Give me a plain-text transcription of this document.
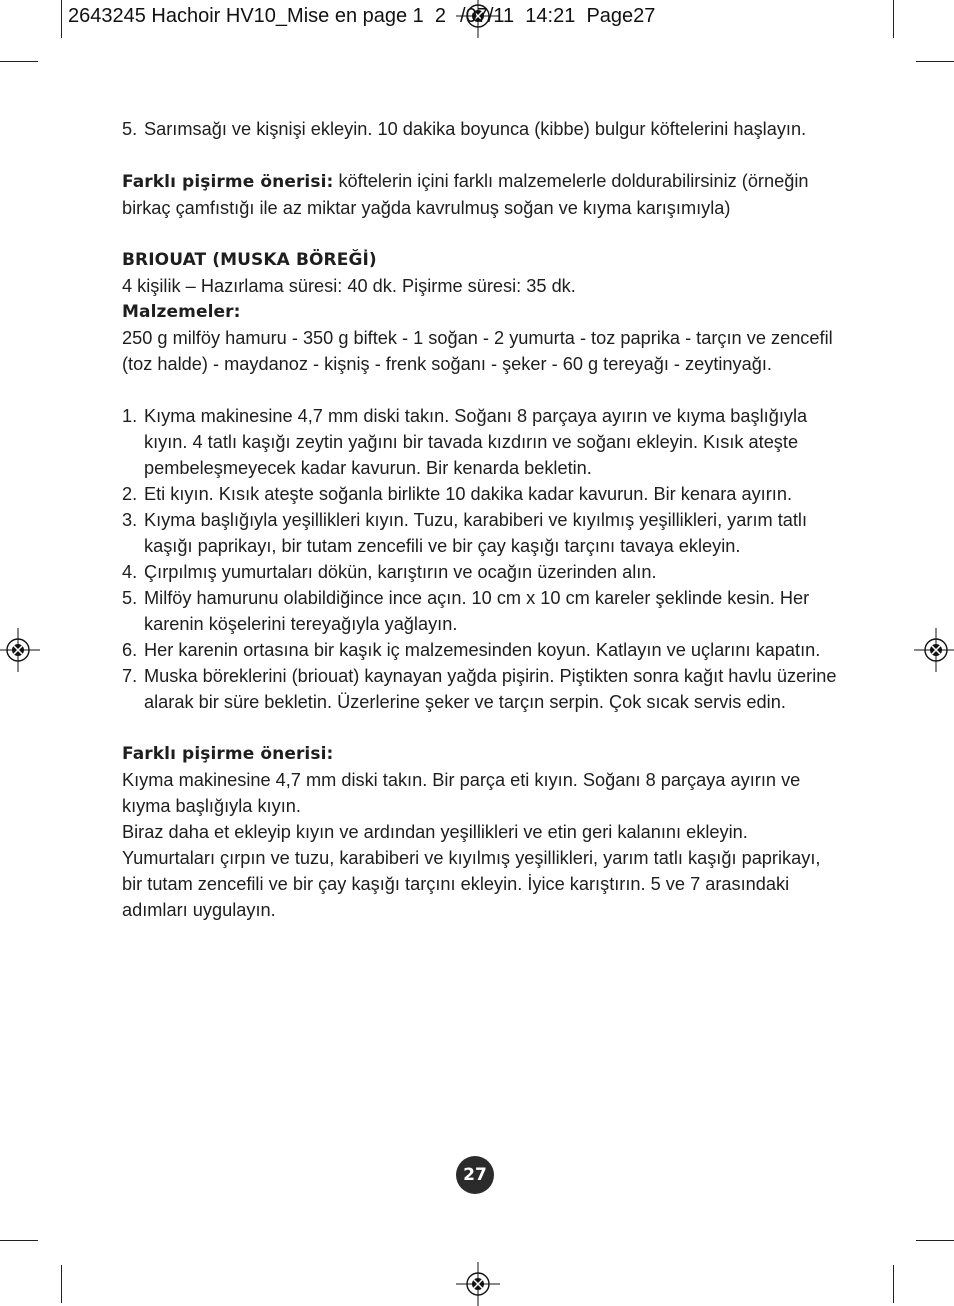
2643245 Hachoir HV10_Mise en page 1  2 /07/11  14:21  Page27
5. Sarımsağı ve kişnişi ekleyin. 10 dakika boyunca (kibbe) bulgur köftelerini haşlayın.

Farklı pişirme önerisi: köftelerin içini farklı malzemelerle doldurabilirsiniz (örneğin birkaç çamfıstığı ile az miktar yağda kavrulmuş soğan ve kıyma karışımıyla)

BRIOUAT (MUSKA BÖREĞİ)

4 kişilik – Hazırlama süresi: 40 dk. Pişirme süresi: 35 dk.

Malzemeler:

250 g milföy hamuru - 350 g biftek - 1 soğan - 2 yumurta - toz paprika - tarçın ve zencefil (toz halde) - maydanoz - kişniş - frenk soğanı - şeker - 60 g tereyağı - zeytinyağı.

1. Kıyma makinesine 4,7 mm diski takın. Soğanı 8 parçaya ayırın ve kıyma başlığıyla kıyın. 4 tatlı kaşığı zeytin yağını bir tavada kızdırın ve soğanı ekleyin. Kısık ateşte pembeleşmeyecek kadar kavurun. Bir kenarda bekletin.
2. Eti kıyın. Kısık ateşte soğanla birlikte 10 dakika kadar kavurun. Bir kenara ayırın.
3. Kıyma başlığıyla yeşillikleri kıyın. Tuzu, karabiberi ve kıyılmış yeşillikleri, yarım tatlı kaşığı paprikayı, bir tutam zencefili ve bir çay kaşığı tarçını tavaya ekleyin.
4. Çırpılmış yumurtaları dökün, karıştırın ve ocağın üzerinden alın.
5. Milföy hamurunu olabildiğince ince açın. 10 cm x 10 cm kareler şeklinde kesin. Her karenin köşelerini tereyağıyla yağlayın.
6. Her karenin ortasına bir kaşık iç malzemesinden koyun. Katlayın ve uçlarını kapatın.
7. Muska böreklerini (briouat) kaynayan yağda pişirin. Piştikten sonra kağıt havlu üzerine alarak bir süre bekletin. Üzerlerine şeker ve tarçın serpin. Çok sıcak servis edin.
Farklı pişirme önerisi:

Kıyma makinesine 4,7 mm diski takın. Bir parça eti kıyın. Soğanı 8 parçaya ayırın ve kıyma başlığıyla kıyın.

Biraz daha et ekleyip kıyın ve ardından yeşillikleri ve etin geri kalanını ekleyin. Yumurtaları çırpın ve tuzu, karabiberi ve kıyılmış yeşillikleri, yarım tatlı kaşığı paprikayı, bir tutam zencefili ve bir çay kaşığı tarçını ekleyin. İyice karıştırın. 5 ve 7 arasındaki adımları uygulayın.

27
